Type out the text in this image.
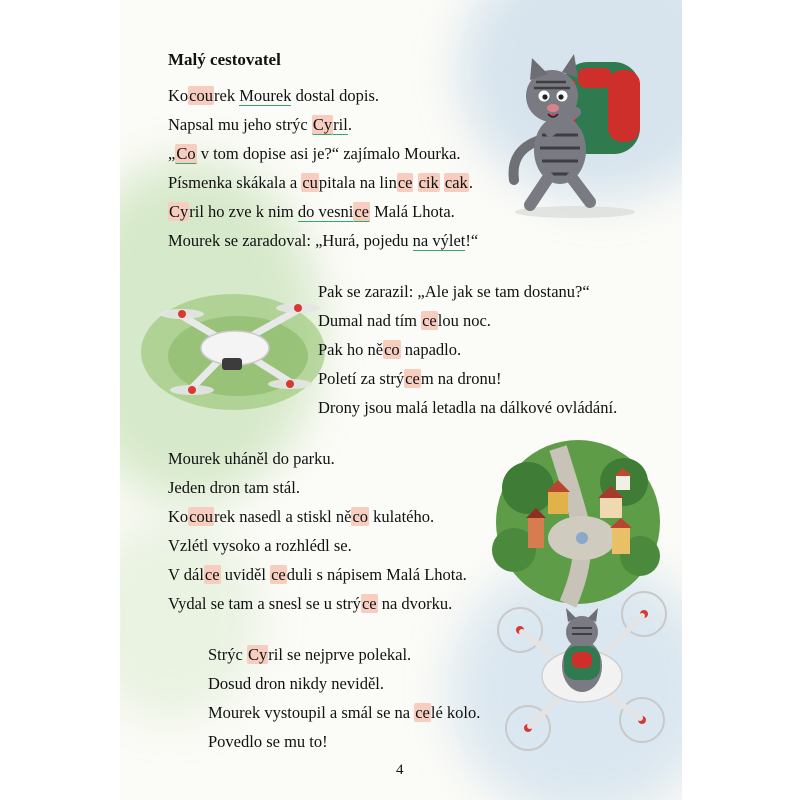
Malý cestovatel
Kocourek Mourek dostal dopis.
Napsal mu jeho strýc Cyril.
„Co v tom dopise asi je?“ zajímalo Mourka.
Písmenka skákala a cupitala na lince cik cak.
Cyril ho zve k nim do vesnice Malá Lhota.
Mourek se zaradoval: „Hurá, pojedu na výlet!“
Pak se zarazil: „Ale jak se tam dostanu?“
Dumal nad tím celou noc.
Pak ho něco napadlo.
Poletí za strýcem na dronu!
Drony jsou malá letadla na dálkové ovládání.
Mourek uháněl do parku.
Jeden dron tam stál.
Kocourek nasedl a stiskl něco kulatého.
Vzlétl vysoko a rozhlédl se.
V dálce uviděl ceduli s nápisem Malá Lhota.
Vydal se tam a snesl se u strýce na dvorku.
Strýc Cyril se nejprve polekal.
Dosud dron nikdy neviděl.
Mourek vystoupil a smál se na celé kolo.
Povedlo se mu to!
4
